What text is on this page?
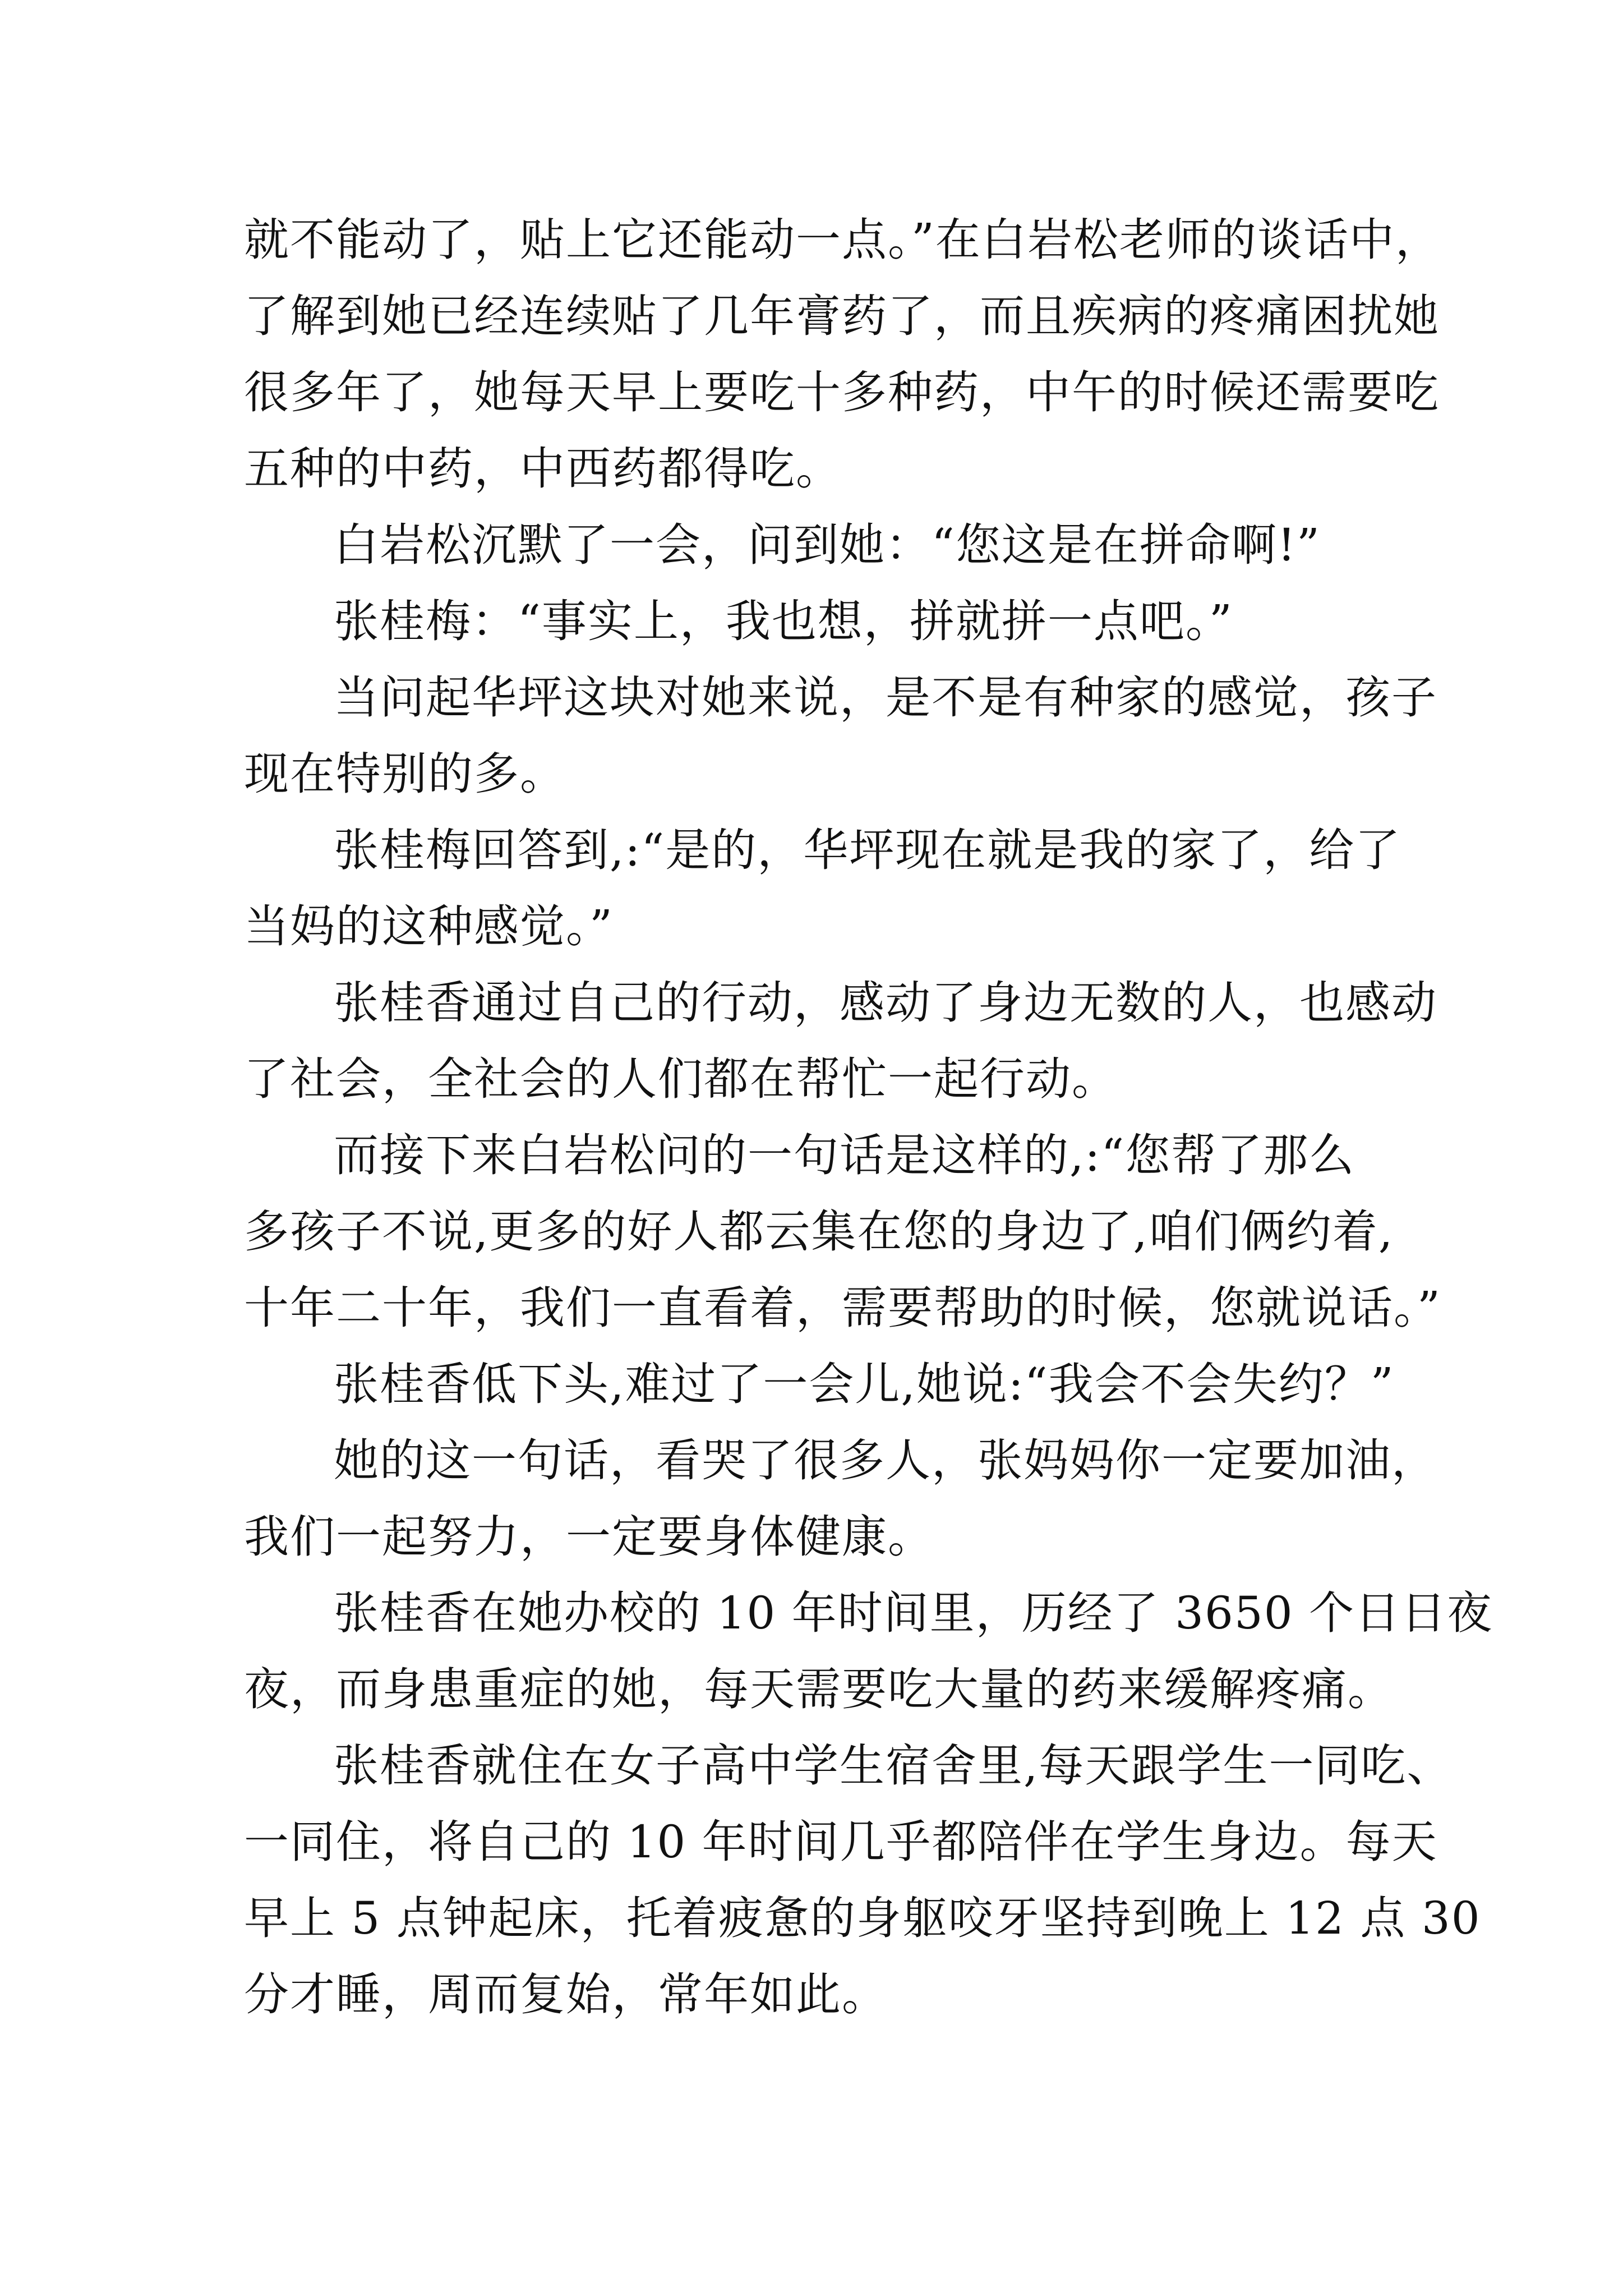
就不能动了，贴上它还能动一点。”在白岩松老师的谈话中，
了解到她已经连续贴了几年膏药了，而且疾病的疼痛困扰她
很多年了，她每天早上要吃十多种药，中午的时候还需要吃
五种的中药，中西药都得吃。
白岩松沉默了一会，问到她：“您这是在拼命啊!”
张桂梅：“事实上，我也想，拼就拼一点吧。”
当问起华坪这块对她来说，是不是有种家的感觉，孩子
现在特别的多。
张桂梅回答到,:“是的，华坪现在就是我的家了，给了
当妈的这种感觉。”
张桂香通过自己的行动，感动了身边无数的人，也感动
了社会，全社会的人们都在帮忙一起行动。
而接下来白岩松问的一句话是这样的,:“您帮了那么
多孩子不说,更多的好人都云集在您的身边了,咱们俩约着,
十年二十年，我们一直看着，需要帮助的时候，您就说话。”
张桂香低下头,难过了一会儿,她说:“我会不会失约？”
她的这一句话，看哭了很多人，张妈妈你一定要加油，
我们一起努力，一定要身体健康。
张桂香在她办校的 10 年时间里，历经了 3650 个日日夜
夜，而身患重症的她，每天需要吃大量的药来缓解疼痛。
张桂香就住在女子高中学生宿舍里,每天跟学生一同吃、
一同住，将自己的 10 年时间几乎都陪伴在学生身边。每天
早上 5 点钟起床，托着疲惫的身躯咬牙坚持到晚上 12 点 30
分才睡，周而复始，常年如此。
